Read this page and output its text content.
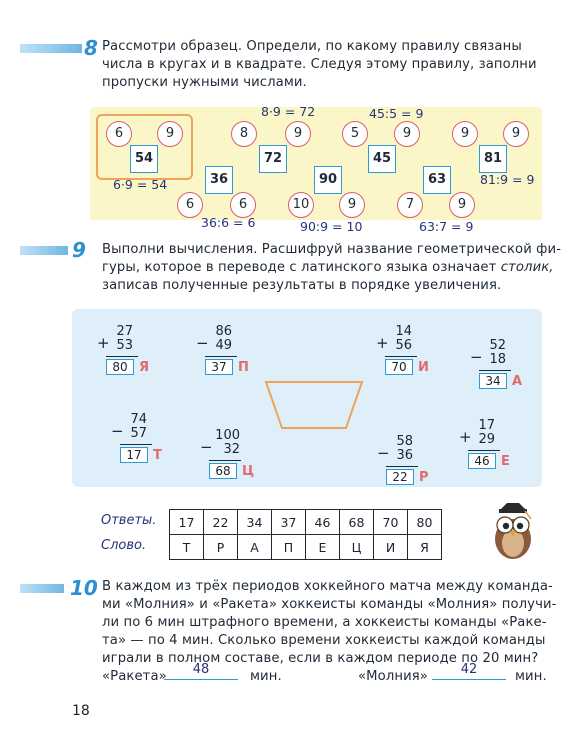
8 Рассмотри образец. Определи, по какому правилу связаны
числа в кругах и в квадрате. Следуя этому правилу, заполни
пропуски нужными числами.
6	9
54
6·9 = 54
8·9 = 72
8	9
72
36
6	6
36:6 = 6
90
10	9
90:9 = 10
45:5 = 9
5	9
45
63
7	9
63:7 = 9
9	9
81
81:9 = 9
9 Выполни вычисления. Расшифруй название геометрической фи-
гуры, которое в переводе с латинского языка означает столик,
записав полученные результаты в порядке увеличения.
+
27
53
80 Я
−
86
49
37 П
+
14
56
70 И
−
52
18
34 А
−
74
57
17 Т	−
100
32
68 Ц
−
58
36
22 Р
+
17
29
46 Е
Ответы.
Слово.
17	22	34	37	46	68	70	80
Т	Р	А	П	Е	Ц	И	Я
10 В каждом из трёх периодов хоккейного матча между командa-
ми «Молния» и «Ракета» хоккеисты команды «Молния» получи-
ли по 6 мин штрафного времени, а хоккеисты команды «Раке-
та» — по 4 мин. Сколько времени хоккеисты каждой команды
играли в полном составе, если в каждом периоде по 20 мин?
«Ракета»	48	мин.	«Молния»	42	мин.
18
